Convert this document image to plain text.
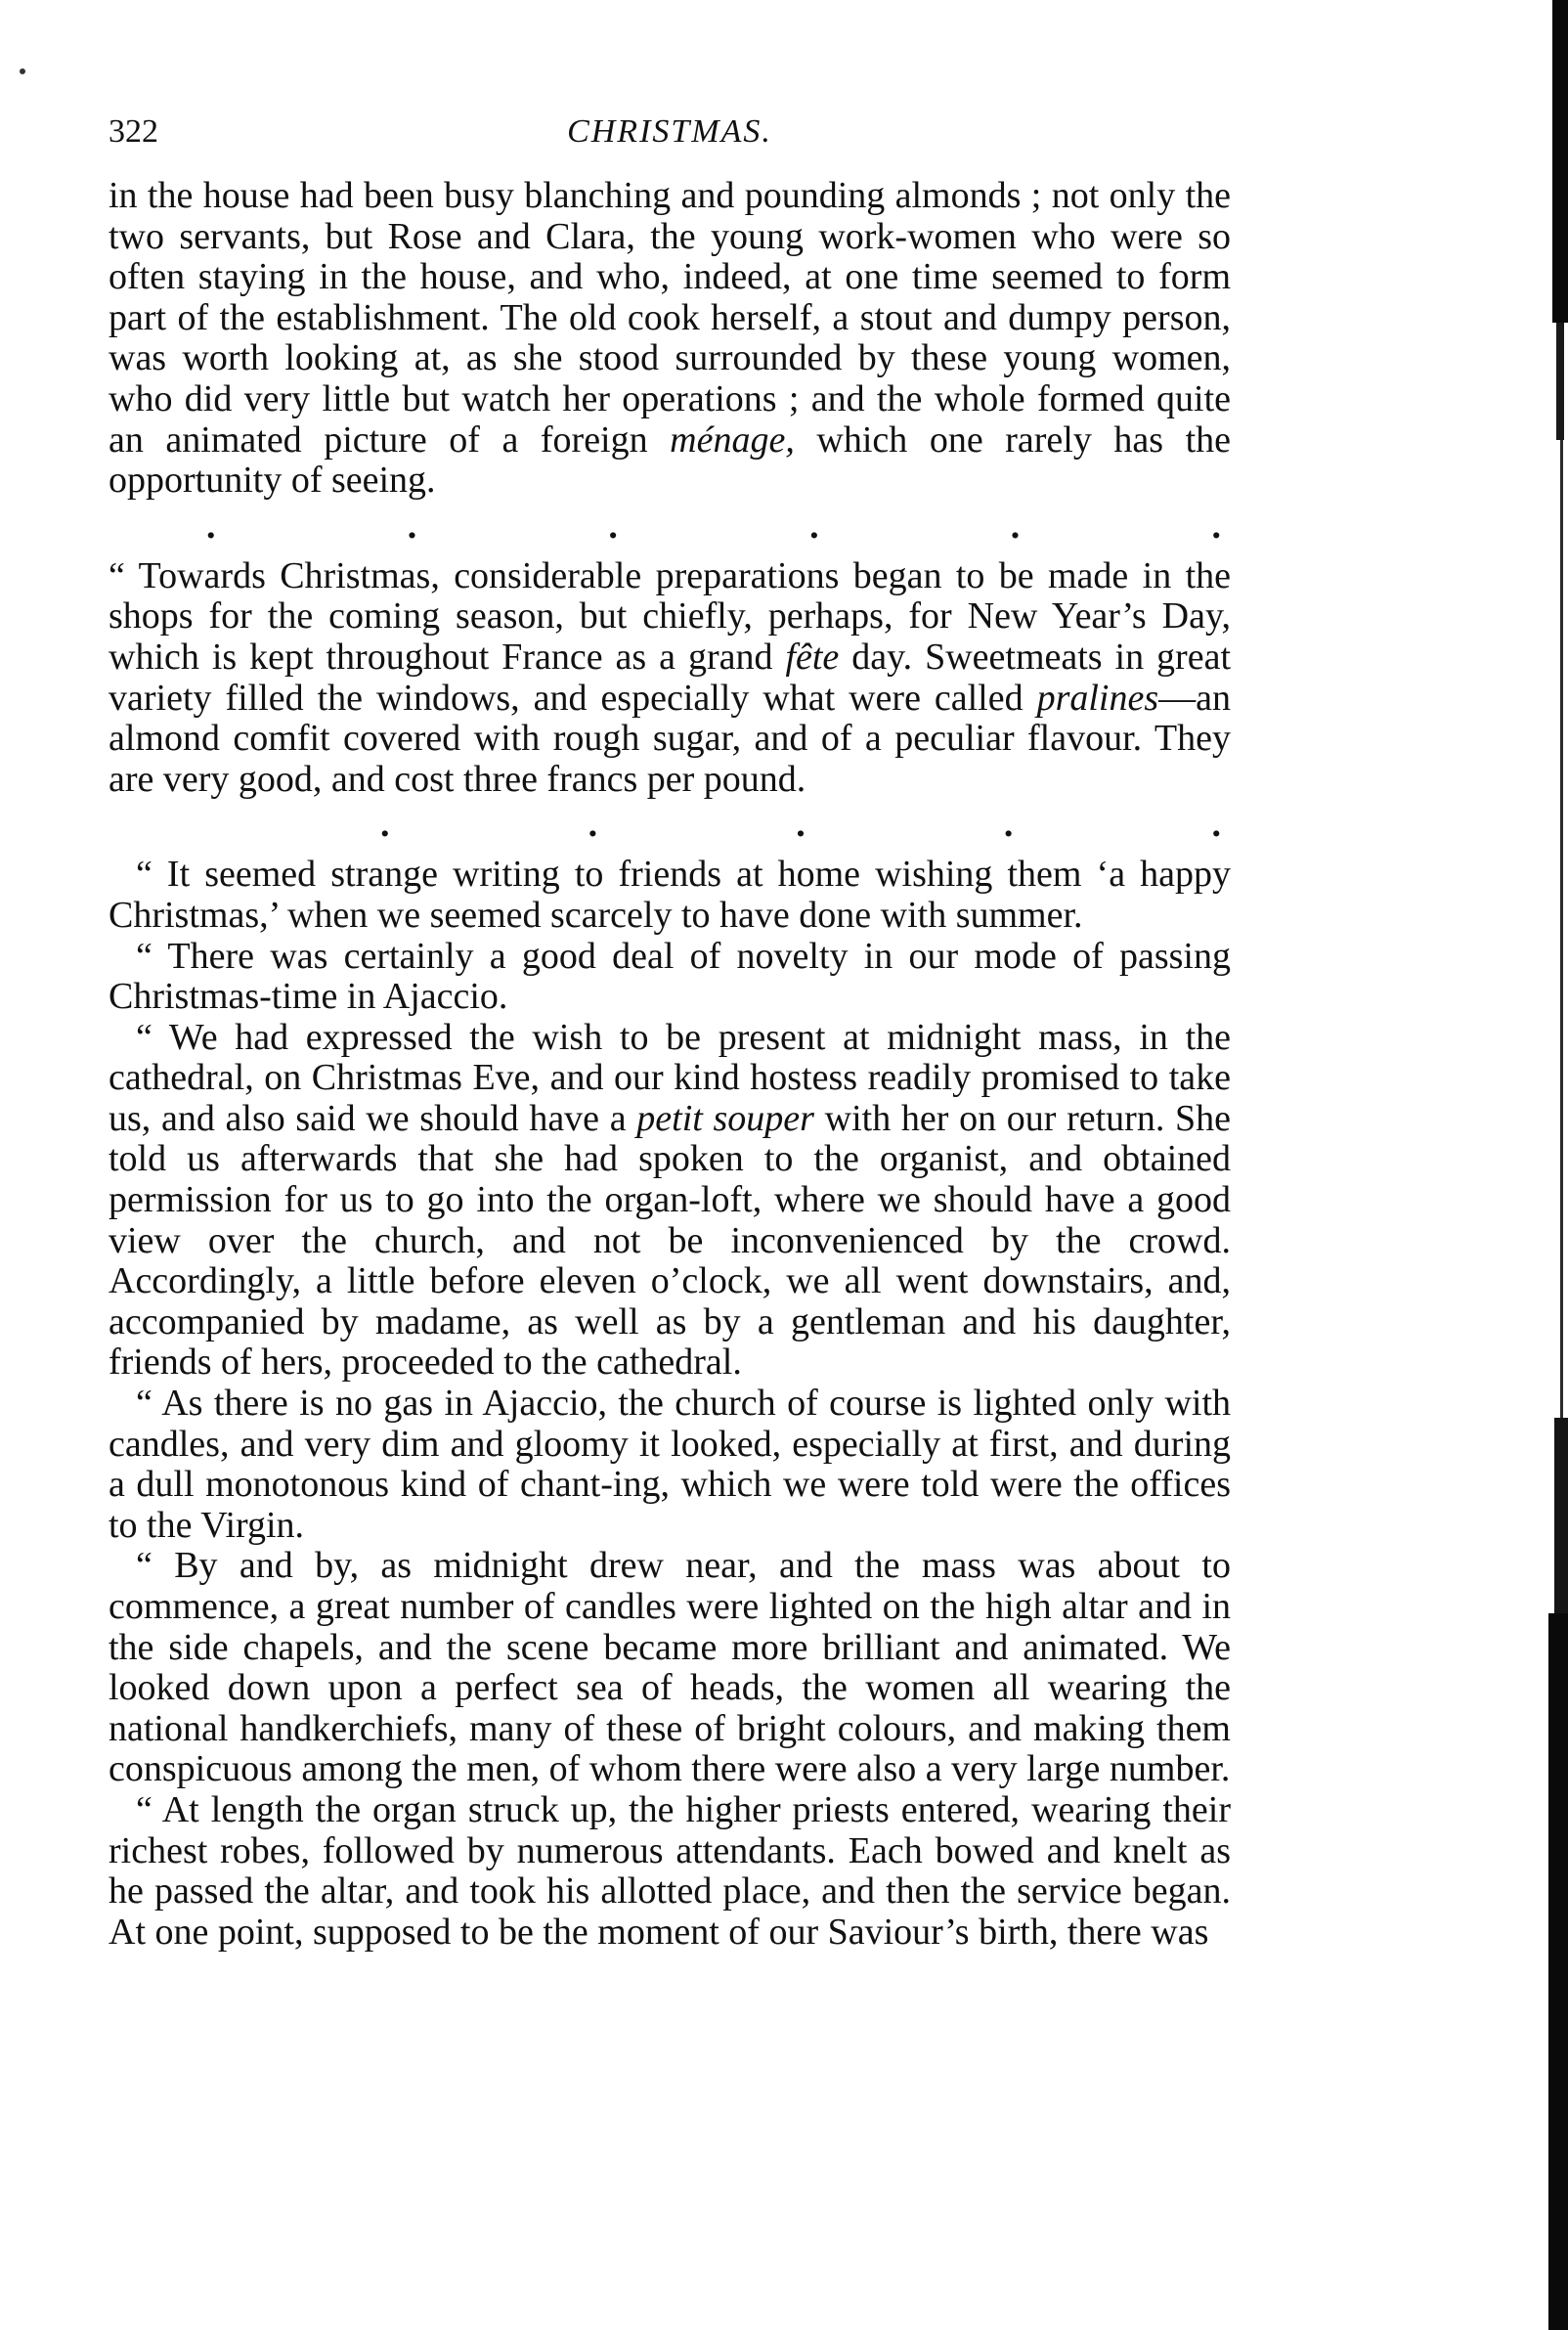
322	CHRISTMAS.

in the house had been busy blanching and pounding almonds ; not only the two servants, but Rose and Clara, the young work-women who were so often staying in the house, and who, indeed, at one time seemed to form part of the establishment. The old cook herself, a stout and dumpy person, was worth looking at, as she stood surrounded by these young women, who did very little but watch her operations ; and the whole formed quite an animated picture of a foreign ménage, which one rarely has the opportunity of seeing.

.	.	.	.	.	.

“ Towards Christmas, considerable preparations began to be made in the shops for the coming season, but chiefly, perhaps, for New Year’s Day, which is kept throughout France as a grand fête day. Sweetmeats in great variety filled the windows, and especially what were called pralines—an almond comfit covered with rough sugar, and of a peculiar flavour. They are very good, and cost three francs per pound.

.	.	.	.	.

“ It seemed strange writing to friends at home wishing them ‘a happy Christmas,’ when we seemed scarcely to have done with summer.

“ There was certainly a good deal of novelty in our mode of passing Christmas-time in Ajaccio.

“ We had expressed the wish to be present at midnight mass, in the cathedral, on Christmas Eve, and our kind hostess readily promised to take us, and also said we should have a petit souper with her on our return. She told us afterwards that she had spoken to the organist, and obtained permission for us to go into the organ-loft, where we should have a good view over the church, and not be inconvenienced by the crowd. Accordingly, a little before eleven o’clock, we all went downstairs, and, accompanied by madame, as well as by a gentleman and his daughter, friends of hers, proceeded to the cathedral.

“ As there is no gas in Ajaccio, the church of course is lighted only with candles, and very dim and gloomy it looked, especially at first, and during a dull monotonous kind of chant-ing, which we were told were the offices to the Virgin.

“ By and by, as midnight drew near, and the mass was about to commence, a great number of candles were lighted on the high altar and in the side chapels, and the scene became more brilliant and animated. We looked down upon a perfect sea of heads, the women all wearing the national handkerchiefs, many of these of bright colours, and making them conspicuous among the men, of whom there were also a very large number.

“ At length the organ struck up, the higher priests entered, wearing their richest robes, followed by numerous attendants. Each bowed and knelt as he passed the altar, and took his allotted place, and then the service began. At one point, supposed to be the moment of our Saviour’s birth, there was
